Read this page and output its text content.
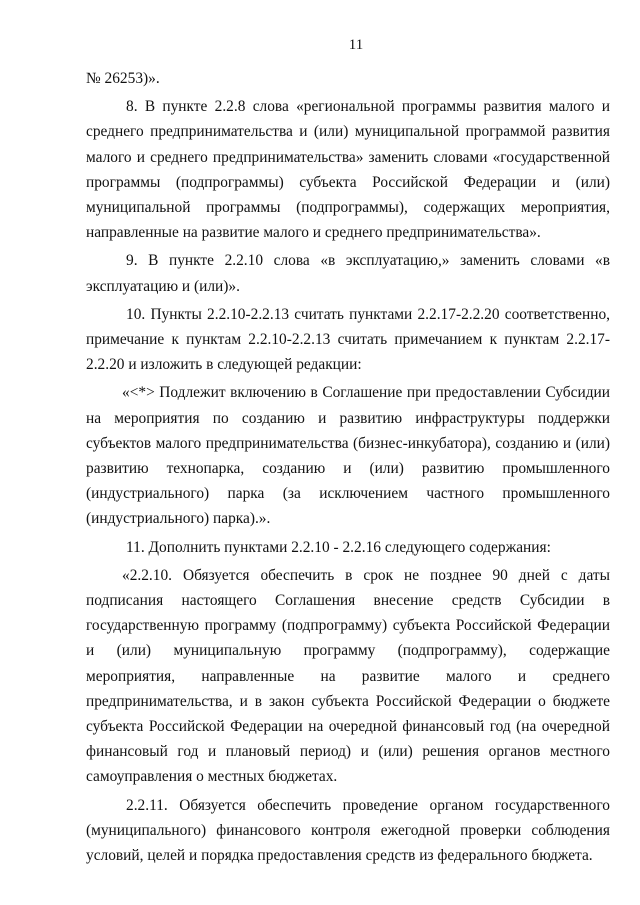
11

№ 26253)».

8. В пункте 2.2.8 слова «региональной программы развития малого и среднего предпринимательства и (или) муниципальной программой развития малого и среднего предпринимательства» заменить словами «государственной программы (подпрограммы) субъекта Российской Федерации и (или) муниципальной программы (подпрограммы), содержащих мероприятия, направленные на развитие малого и среднего предпринимательства».

9. В пункте 2.2.10 слова «в эксплуатацию,» заменить словами «в эксплуатацию и (или)».

10. Пункты 2.2.10-2.2.13 считать пунктами 2.2.17-2.2.20 соответственно, примечание к пунктам 2.2.10-2.2.13 считать примечанием к пунктам 2.2.17-2.2.20 и изложить в следующей редакции:

«<*> Подлежит включению в Соглашение при предоставлении Субсидии на мероприятия по созданию и развитию инфраструктуры поддержки субъектов малого предпринимательства (бизнес-инкубатора), созданию и (или) развитию технопарка, созданию и (или) развитию промышленного (индустриального) парка (за исключением частного промышленного (индустриального) парка).».

11. Дополнить пунктами 2.2.10 - 2.2.16 следующего содержания:

«2.2.10. Обязуется обеспечить в срок не позднее 90 дней с даты подписания настоящего Соглашения внесение средств Субсидии в государственную программу (подпрограмму) субъекта Российской Федерации и (или) муниципальную программу (подпрограмму), содержащие мероприятия, направленные на развитие малого и среднего предпринимательства, и в закон субъекта Российской Федерации о бюджете субъекта Российской Федерации на очередной финансовый год (на очередной финансовый год и плановый период) и (или) решения органов местного самоуправления о местных бюджетах.

2.2.11. Обязуется обеспечить проведение органом государственного (муниципального) финансового контроля ежегодной проверки соблюдения условий, целей и порядка предоставления средств из федерального бюджета.
